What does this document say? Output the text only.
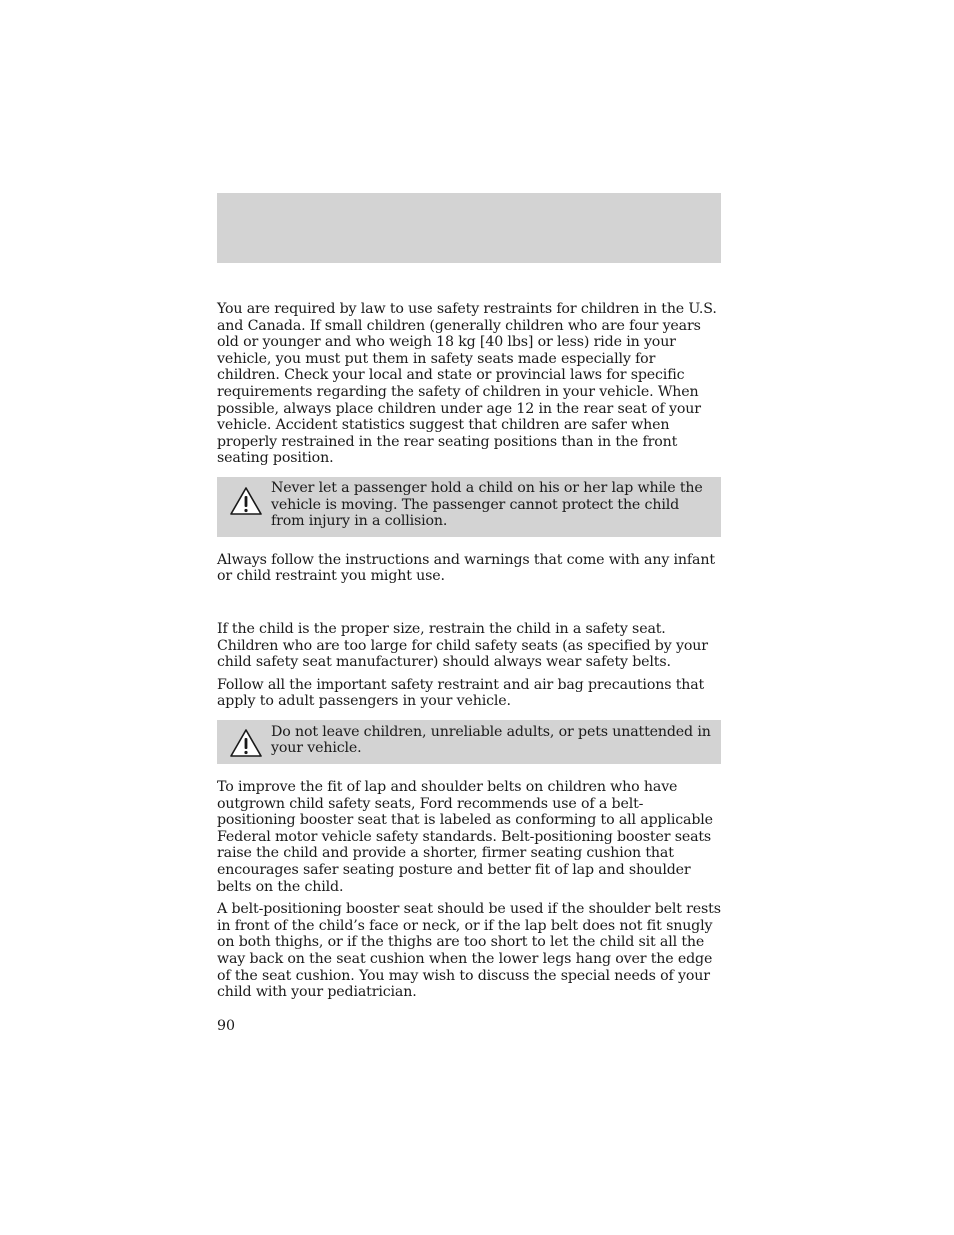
You are required by law to use safety restraints for children in the U.S. and Canada. If small children (generally children who are four years old or younger and who weigh 18 kg [40 lbs] or less) ride in your vehicle, you must put them in safety seats made especially for children. Check your local and state or provincial laws for specific requirements regarding the safety of children in your vehicle. When possible, always place children under age 12 in the rear seat of your vehicle. Accident statistics suggest that children are safer when properly restrained in the rear seating positions than in the front seating position.

Never let a passenger hold a child on his or her lap while the vehicle is moving. The passenger cannot protect the child from injury in a collision.

Always follow the instructions and warnings that come with any infant or child restraint you might use.

If the child is the proper size, restrain the child in a safety seat. Children who are too large for child safety seats (as specified by your child safety seat manufacturer) should always wear safety belts.

Follow all the important safety restraint and air bag precautions that apply to adult passengers in your vehicle.

Do not leave children, unreliable adults, or pets unattended in your vehicle.

To improve the fit of lap and shoulder belts on children who have outgrown child safety seats, Ford recommends use of a belt-positioning booster seat that is labeled as conforming to all applicable Federal motor vehicle safety standards. Belt-positioning booster seats raise the child and provide a shorter, firmer seating cushion that encourages safer seating posture and better fit of lap and shoulder belts on the child.

A belt-positioning booster seat should be used if the shoulder belt rests in front of the child’s face or neck, or if the lap belt does not fit snugly on both thighs, or if the thighs are too short to let the child sit all the way back on the seat cushion when the lower legs hang over the edge of the seat cushion. You may wish to discuss the special needs of your child with your pediatrician.

90
